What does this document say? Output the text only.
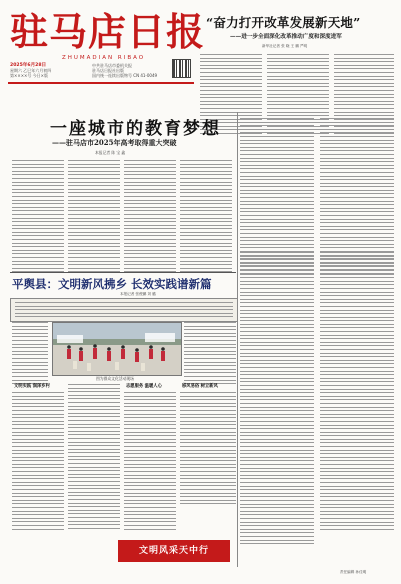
驻马店日报
ZHUMADIAN RIBAO
2025年6月28日
星期六 乙巳年六月初四
第××××号 今日×版
中共驻马店市委机关报
驻马店日报社出版
国内统一连续出版物号 CN 41-0049
“奋力打开改革发展新天地”
——进一步全面深化改革推动广度和深度进军
新华社记者 张 晓 王 鹏 严明
一座城市的教育梦想
——驻马店市2025年高考取得重大突破
本报记者 陈 宝 鑫
平舆县：文明新风拂乡 长效实践谱新篇
本报记者 张俊鹏 刘 璐
图为群众文化活动现场
文明实践 润泽乡村	志愿服务 温暖人心	移风易俗 树立新风
文明风采天中行
责任编辑 孙佳明
